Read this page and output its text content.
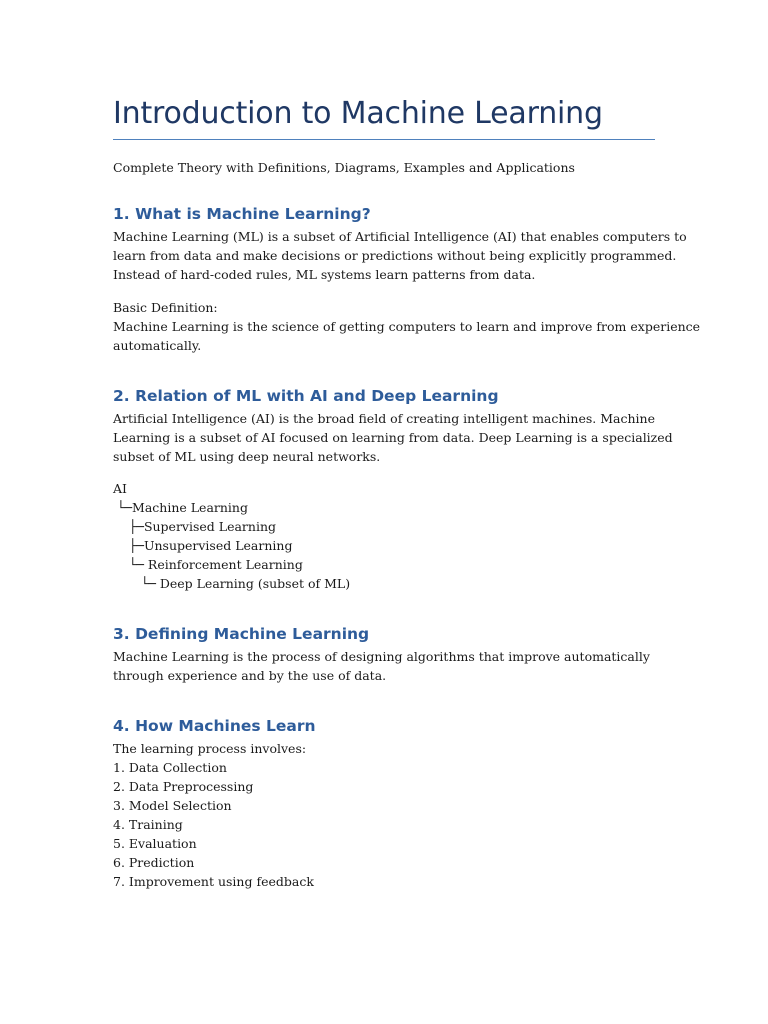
Introduction to Machine Learning
Complete Theory with Definitions, Diagrams, Examples and Applications
1. What is Machine Learning?
Machine Learning (ML) is a subset of Artificial Intelligence (AI) that enables computers to
learn from data and make decisions or predictions without being explicitly programmed.
Instead of hard-coded rules, ML systems learn patterns from data.
Basic Definition:
Machine Learning is the science of getting computers to learn and improve from experience
automatically.
2. Relation of ML with AI and Deep Learning
Artificial Intelligence (AI) is the broad field of creating intelligent machines. Machine
Learning is a subset of AI focused on learning from data. Deep Learning is a specialized
subset of ML using deep neural networks.
AI
└─Machine Learning
├─Supervised Learning
├─Unsupervised Learning
└─ Reinforcement Learning
└─ Deep Learning (subset of ML)
3. Defining Machine Learning
Machine Learning is the process of designing algorithms that improve automatically
through experience and by the use of data.
4. How Machines Learn
The learning process involves:
1. Data Collection
2. Data Preprocessing
3. Model Selection
4. Training
5. Evaluation
6. Prediction
7. Improvement using feedback
